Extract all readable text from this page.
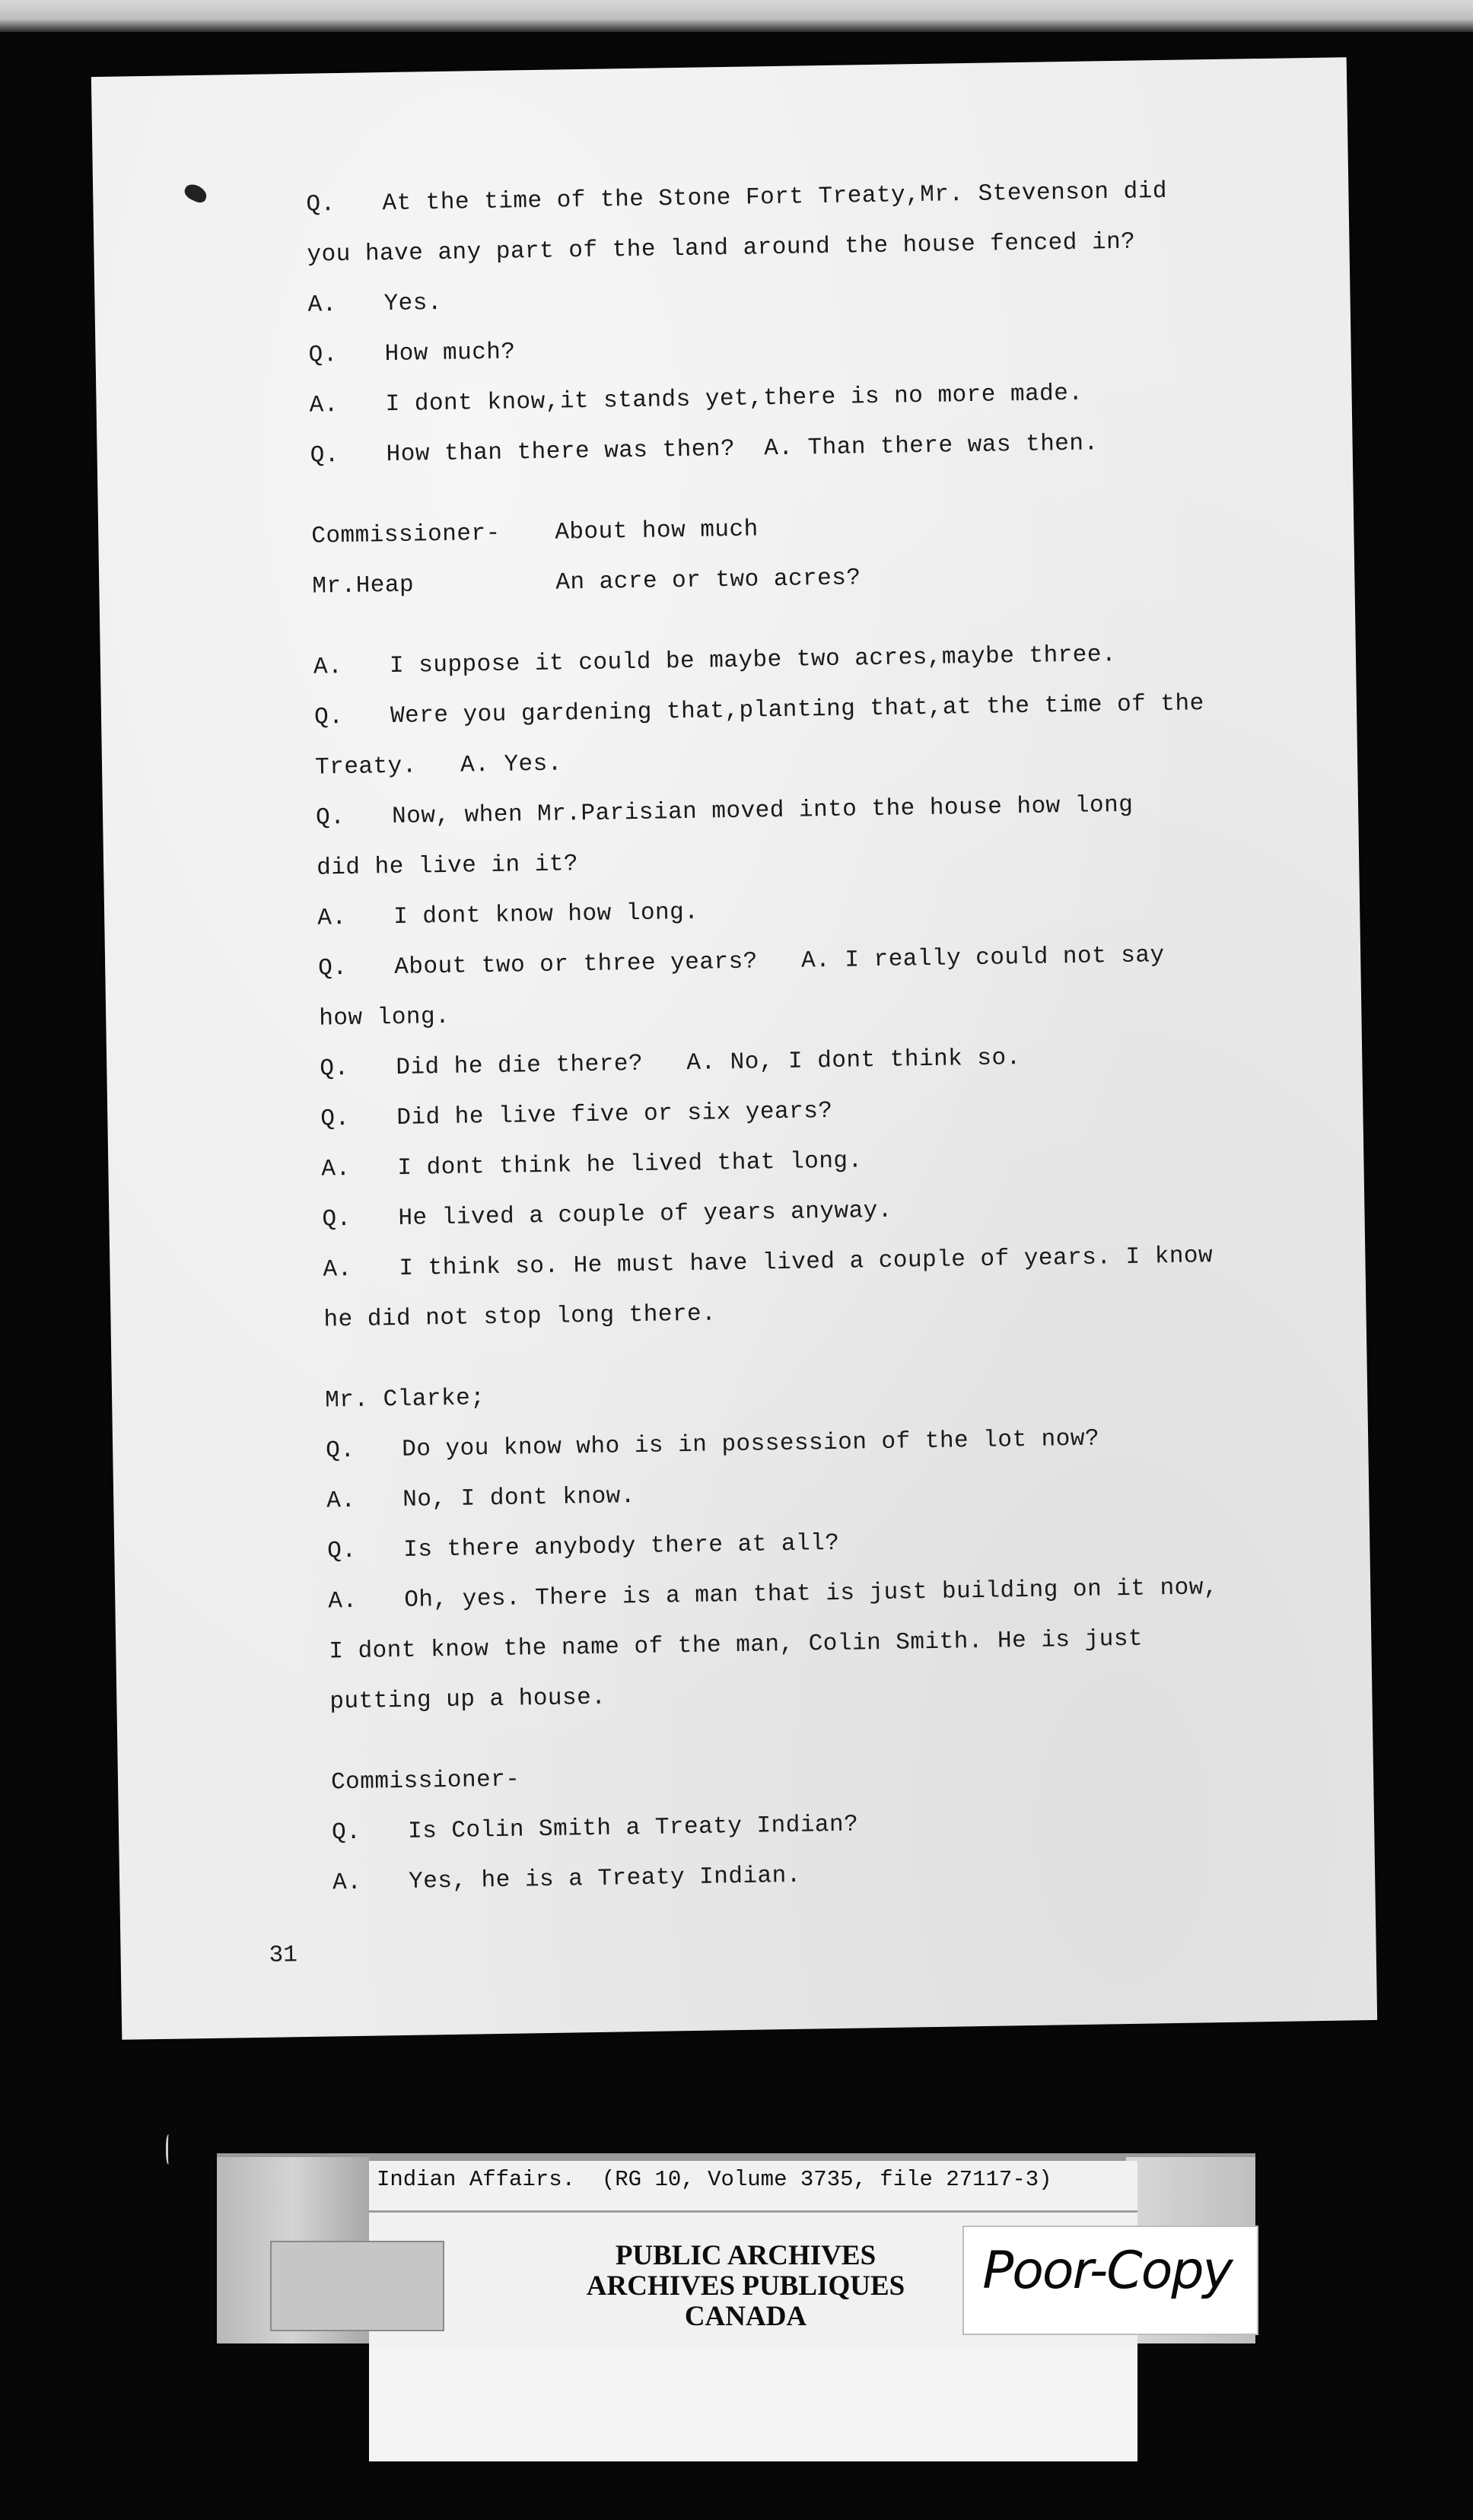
Q. At the time of the Stone Fort Treaty,Mr. Stevenson did
you have any part of the land around the house fenced in?
A. Yes.
Q. How much?
A. I dont know,it stands yet,there is no more made.
Q. How than there was then?  A. Than there was then.
Commissioner- About how much
Mr.Heap	An acre or two acres?
A. I suppose it could be maybe two acres,maybe three.
Q. Were you gardening that,planting that,at the time of the
Treaty.   A. Yes.
Q. Now, when Mr.Parisian moved into the house how long
did he live in it?
A. I dont know how long.
Q. About two or three years?   A. I really could not say
how long.
Q. Did he die there?   A. No, I dont think so.
Q. Did he live five or six years?
A. I dont think he lived that long.
Q. He lived a couple of years anyway.
A. I think so. He must have lived a couple of years. I know
he did not stop long there.
Mr. Clarke;
Q. Do you know who is in possession of the lot now?
A. No, I dont know.
Q. Is there anybody there at all?
A. Oh, yes. There is a man that is just building on it now,
I dont know the name of the man, Colin Smith. He is just
putting up a house.
Commissioner-
Q. Is Colin Smith a Treaty Indian?
A. Yes, he is a Treaty Indian.
31
Indian Affairs.  (RG 10, Volume 3735, file 27117-3)
PUBLIC ARCHIVES
ARCHIVES PUBLIQUES
CANADA
Poor-Copy
